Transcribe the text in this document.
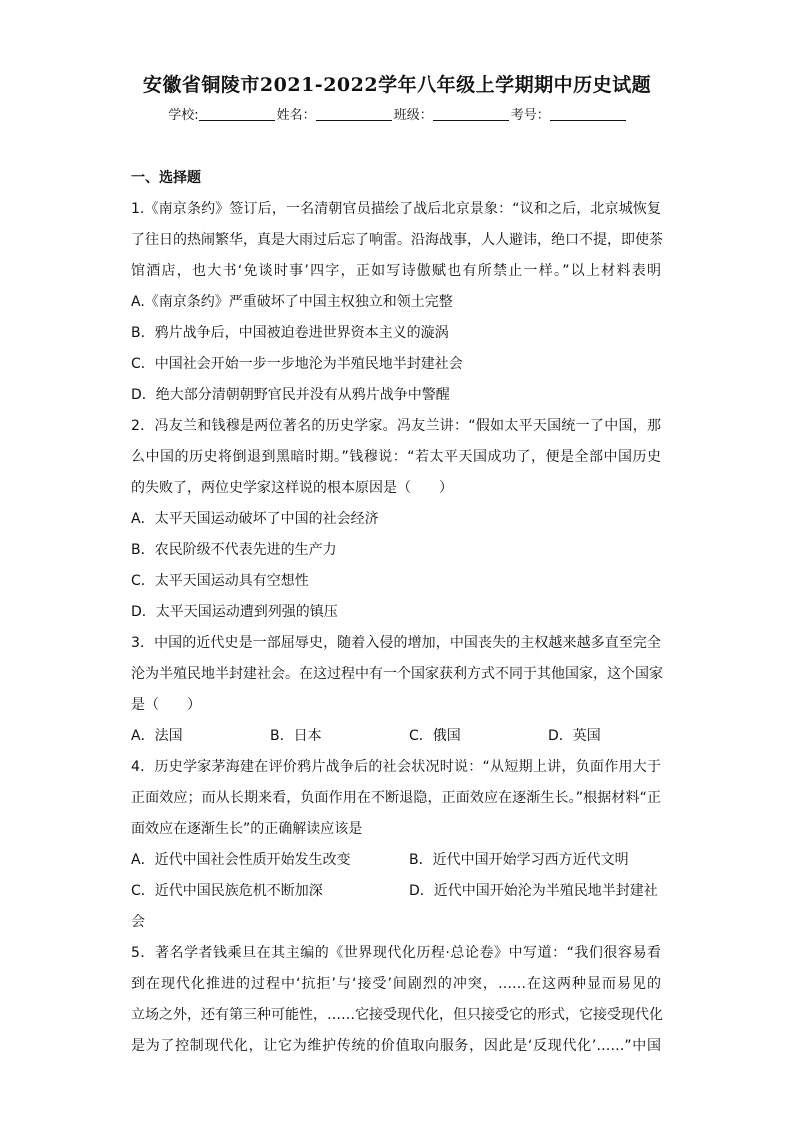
安徽省铜陵市2021-2022学年八年级上学期期中历史试题
学校:	姓名：	班级：	考号：
一、选择题
1.《南京条约》签订后，一名清朝官员描绘了战后北京景象：“议和之后，北京城恢复
了往日的热闹繁华，真是大雨过后忘了响雷。沿海战事，人人避讳，绝口不提，即使茶
馆酒店，也大书‘免谈时事’四字，正如写诗傲赋也有所禁止一样。”以上材料表明
A.《南京条约》严重破坏了中国主权独立和领土完整
B．鸦片战争后，中国被迫卷进世界资本主义的漩涡
C．中国社会开始一步一步地沦为半殖民地半封建社会
D．绝大部分清朝朝野官民并没有从鸦片战争中警醒
2．冯友兰和钱穆是两位著名的历史学家。冯友兰讲：“假如太平天国统一了中国，那
么中国的历史将倒退到黑暗时期。”钱穆说：“若太平天国成功了，便是全部中国历史
的失败了，两位史学家这样说的根本原因是（　　）
A．太平天国运动破坏了中国的社会经济
B．农民阶级不代表先进的生产力
C．太平天国运动具有空想性
D．太平天国运动遭到列强的镇压
3．中国的近代史是一部屈辱史，随着入侵的增加，中国丧失的主权越来越多直至完全
沦为半殖民地半封建社会。在这过程中有一个国家获利方式不同于其他国家，这个国家
是（　　）
A．法国	B．日本	C．俄国	D．英国
4．历史学家茅海建在评价鸦片战争后的社会状况时说：“从短期上讲，负面作用大于
正面效应；而从长期来看，负面作用在不断退隐，正面效应在逐渐生长。”根据材料“正
面效应在逐渐生长”的正确解读应该是
A．近代中国社会性质开始发生改变	B．近代中国开始学习西方近代文明
C．近代中国民族危机不断加深	D．近代中国开始沦为半殖民地半封建社
会
5．著名学者钱乘旦在其主编的《世界现代化历程·总论卷》中写道：“我们很容易看
到在现代化推进的过程中‘抗拒’与‘接受’间剧烈的冲突，……在这两种显而易见的
立场之外，还有第三种可能性，……它接受现代化，但只接受它的形式，它接受现代化
是为了控制现代化，让它为维护传统的价值取向服务，因此是‘反现代化’……”中国
